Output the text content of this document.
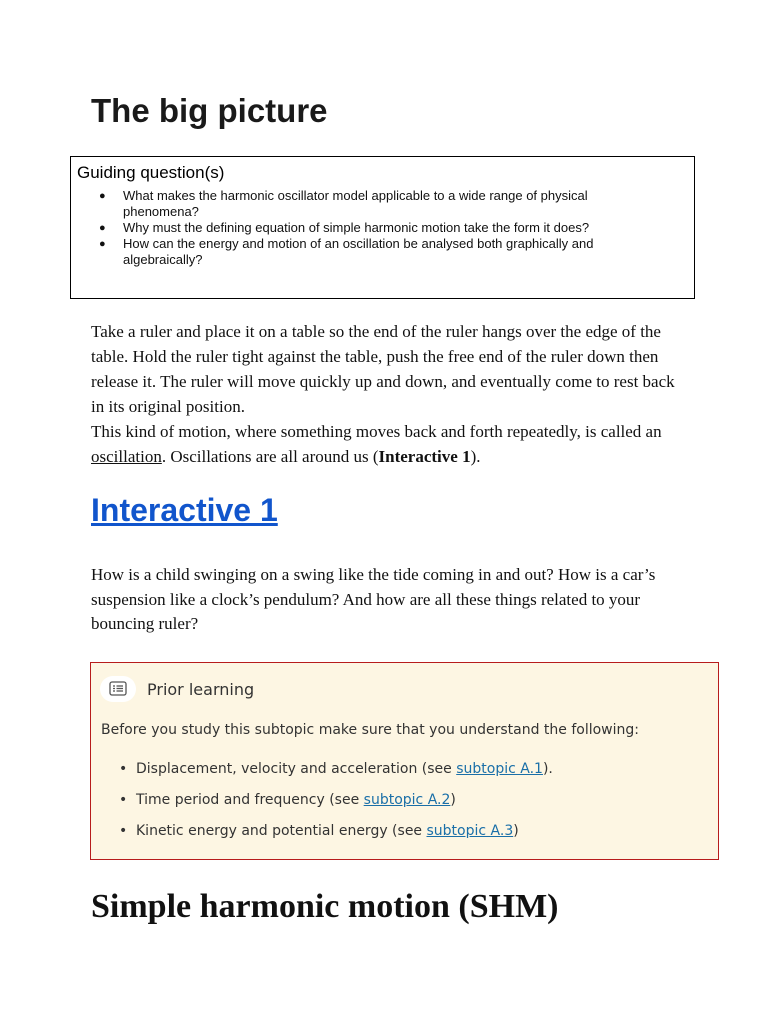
The big picture
Guiding question(s)
● What makes the harmonic oscillator model applicable to a wide range of physical phenomena?
● Why must the defining equation of simple harmonic motion take the form it does?
● How can the energy and motion of an oscillation be analysed both graphically and algebraically?

Take a ruler and place it on a table so the end of the ruler hangs over the edge of the table. Hold the ruler tight against the table, push the free end of the ruler down then release it. The ruler will move quickly up and down, and eventually come to rest back in its original position.
This kind of motion, where something moves back and forth repeatedly, is called an  oscillation. Oscillations are all around us (Interactive 1).

Interactive 1

How is a child swinging on a swing like the tide coming in and out? How is a car’s suspension like a clock’s pendulum? And how are all these things related to your bouncing ruler?

Prior learning

Before you study this subtopic make sure that you understand the following:

• Displacement, velocity and acceleration (see subtopic A.1).
• Time period and frequency (see subtopic A.2)
• Kinetic energy and potential energy (see subtopic A.3)
Simple harmonic motion (SHM)
